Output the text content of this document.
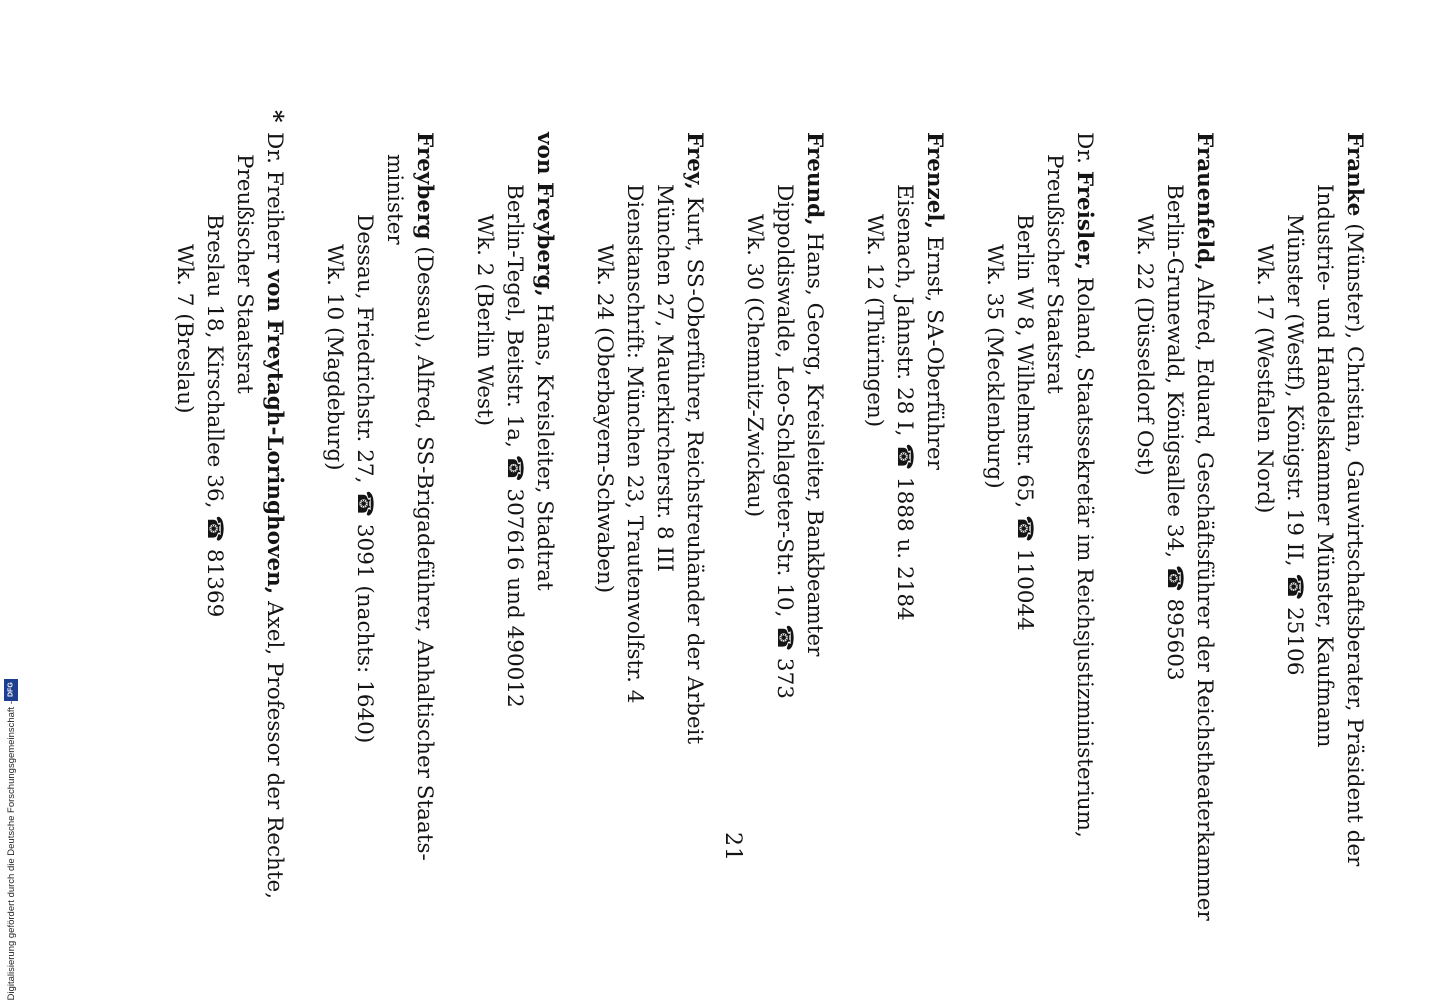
Franke (Münster), Christian, Gauwirtschaftsberater, Präsident der
Industrie- und Handelskammer Münster, Kaufmann
Münster (Westf), Königstr. 19 II, ☎ 25106
Wk. 17 (Westfalen Nord)
Frauenfeld, Alfred, Eduard, Geschäftsführer der Reichstheaterkammer
Berlin-Grunewald, Königsallee 34, ☎ 895603
Wk. 22 (Düsseldorf Ost)
Dr. Freisler, Roland, Staatssekretär im Reichsjustizministerium,
Preußischer Staatsrat
Berlin W 8, Wilhelmstr. 65, ☎ 110044
Wk. 35 (Mecklenburg)
Frenzel, Ernst, SA-Oberführer
Eisenach, Jahnstr. 28 I, ☎ 1888 u. 2184
Wk. 12 (Thüringen)
Freund, Hans, Georg, Kreisleiter, Bankbeamter
Dippoldiswalde, Leo-Schlageter-Str. 10, ☎ 373
Wk. 30 (Chemnitz-Zwickau)
Frey, Kurt, SS-Oberführer, Reichstreuhänder der Arbeit
München 27, Mauerkircherstr. 8 III
Dienstanschrift: München 23, Trautenwolfstr. 4
Wk. 24 (Oberbayern-Schwaben)
von Freyberg, Hans, Kreisleiter, Stadtrat
Berlin-Tegel, Beitstr. 1a, ☎ 307616 und 490012
Wk. 2 (Berlin West)
Freyberg (Dessau), Alfred, SS-Brigadeführer, Anhaltischer Staats-
minister
Dessau, Friedrichstr. 27, ☎ 3091 (nachts: 1640)
Wk. 10 (Magdeburg)
*
Dr. Freiherr von Freytagh-Loringhoven, Axel, Professor der Rechte,
Preußischer Staatsrat
Breslau 18, Kirschallee 36, ☎ 81369
Wk. 7 (Breslau)
21
Digitalisierung gefördert durch die Deutsche Forschungsgemeinschaft -
DFG
